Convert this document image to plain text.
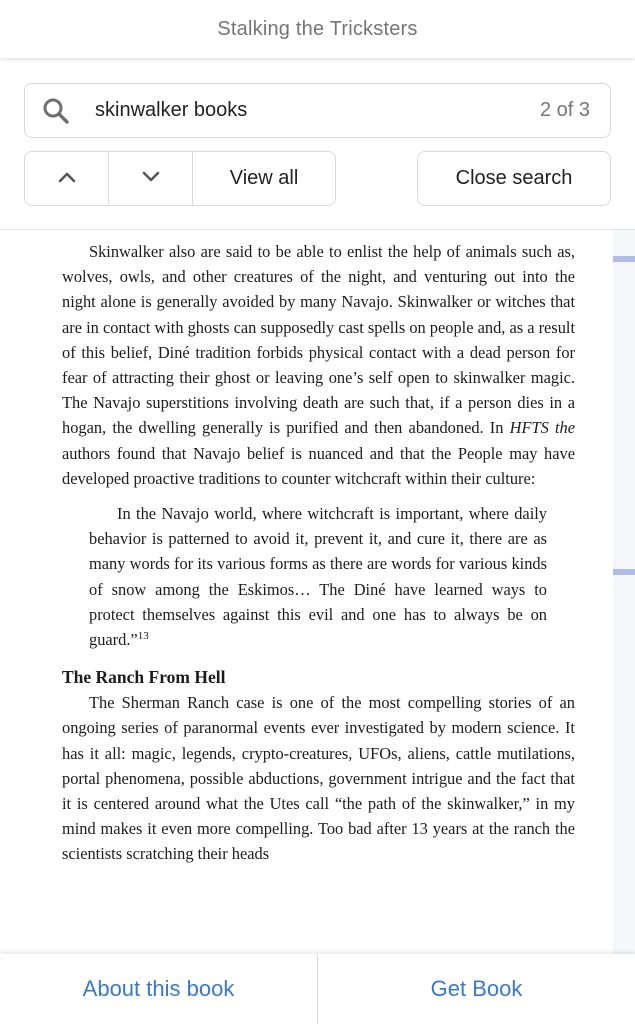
Stalking the Tricksters
skinwalker books	2 of 3
View all	Close search

Skinwalker also are said to be able to enlist the help of animals such as, wolves, owls, and other creatures of the night, and venturing out into the night alone is generally avoided by many Navajo. Skinwalker or witches that are in contact with ghosts can supposedly cast spells on people and, as a result of this belief, Diné tradition forbids physical contact with a dead person for fear of attracting their ghost or leaving one’s self open to skinwalker magic. The Navajo superstitions involving death are such that, if a person dies in a hogan, the dwelling generally is purified and then abandoned. In HFTS the authors found that Navajo belief is nuanced and that the People may have developed proactive traditions to counter witchcraft within their culture:

In the Navajo world, where witchcraft is important, where daily behavior is patterned to avoid it, prevent it, and cure it, there are as many words for its various forms as there are words for various kinds of snow among the Eskimos… The Diné have learned ways to protect themselves against this evil and one has to always be on guard.”$^{13}$

The Ranch From Hell

The Sherman Ranch case is one of the most compelling stories of an ongoing series of paranormal events ever investigated by modern science. It has it all: magic, legends, crypto-creatures, UFOs, aliens, cattle mutilations, portal phenomena, possible abductions, government intrigue and the fact that it is centered around what the Utes call “the path of the skinwalker,” in my mind makes it even more compelling. Too bad after 13 years at the ranch the scientists scratching their heads

About this book	Get Book
